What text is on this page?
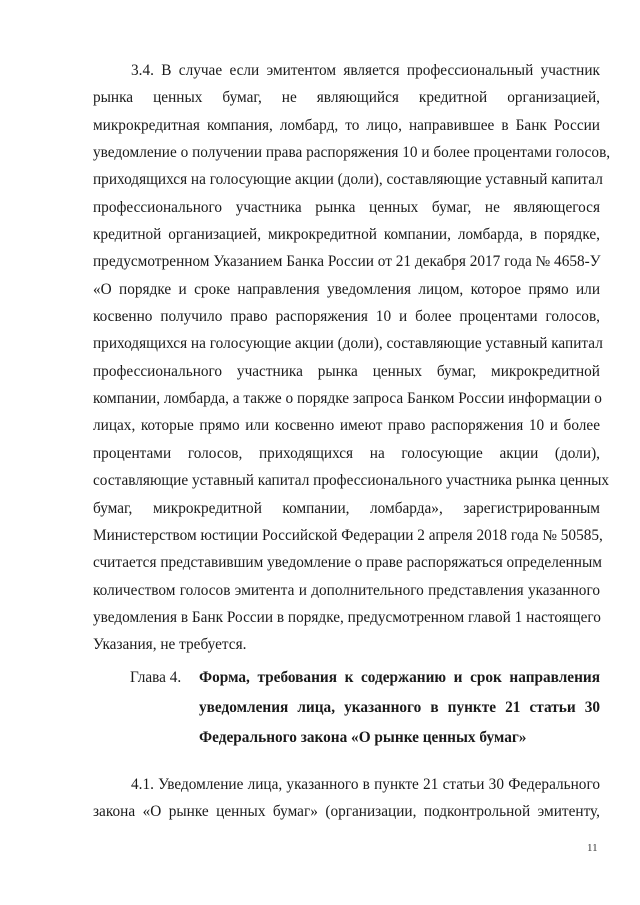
3.4. В случае если эмитентом является профессиональный участник
рынка ценных бумаг, не являющийся кредитной организацией,
микрокредитная компания, ломбард, то лицо, направившее в Банк России
уведомление о получении права распоряжения 10 и более процентами голосов,
приходящихся на голосующие акции (доли), составляющие уставный капитал
профессионального участника рынка ценных бумаг, не являющегося
кредитной организацией, микрокредитной компании, ломбарда, в порядке,
предусмотренном Указанием Банка России от 21 декабря 2017 года № 4658-У
«О порядке и сроке направления уведомления лицом, которое прямо или
косвенно получило право распоряжения 10 и более процентами голосов,
приходящихся на голосующие акции (доли), составляющие уставный капитал
профессионального участника рынка ценных бумаг, микрокредитной
компании, ломбарда, а также о порядке запроса Банком России информации о
лицах, которые прямо или косвенно имеют право распоряжения 10 и более
процентами голосов, приходящихся на голосующие акции (доли),
составляющие уставный капитал профессионального участника рынка ценных
бумаг, микрокредитной компании, ломбарда», зарегистрированным
Министерством юстиции Российской Федерации 2 апреля 2018 года № 50585,
считается представившим уведомление о праве распоряжаться определенным
количеством голосов эмитента и дополнительного представления указанного
уведомления в Банк России в порядке, предусмотренном главой 1 настоящего
Указания, не требуется.
Глава 4. Форма, требования к содержанию и срок направления
уведомления лица, указанного в пункте 21 статьи 30
Федерального закона «О рынке ценных бумаг»
4.1. Уведомление лица, указанного в пункте 21 статьи 30 Федерального
закона «О рынке ценных бумаг» (организации, подконтрольной эмитенту,
11
